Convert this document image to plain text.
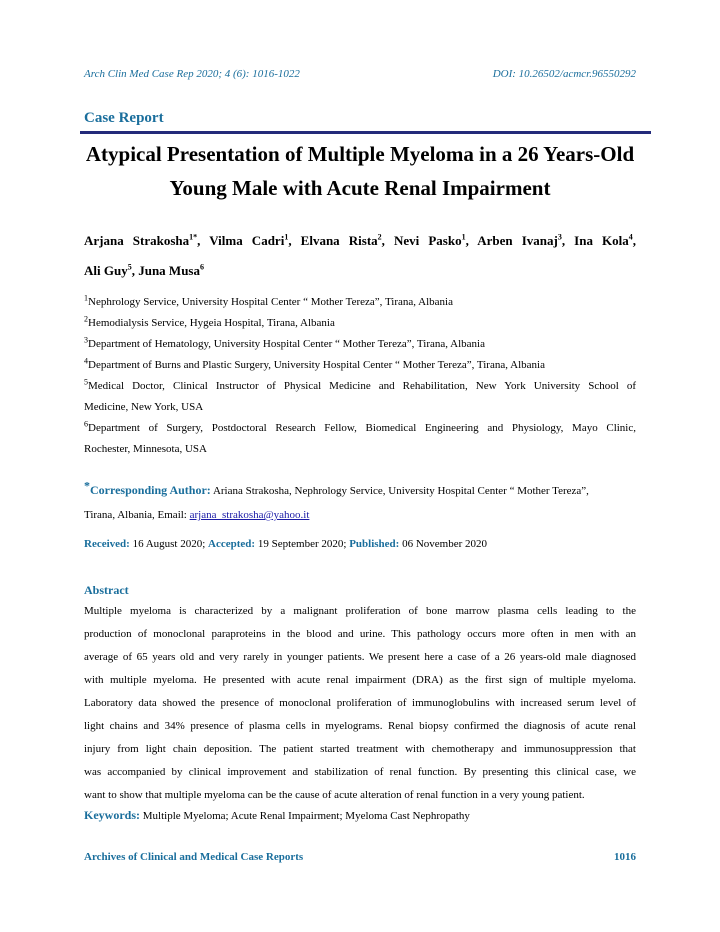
Arch Clin Med Case Rep 2020; 4 (6): 1016-1022	DOI: 10.26502/acmcr.96550292
Case Report
Atypical Presentation of Multiple Myeloma in a 26 Years-Old
Young Male with Acute Renal Impairment
Arjana Strakosha$^{1*}$, Vilma Cadri$^1$, Elvana Rista$^2$, Nevi Pasko$^1$, Arben Ivanaj$^3$, Ina Kola$^4$,
Ali Guy$^5$, Juna Musa$^6$
$^1$Nephrology Service, University Hospital Center “ Mother Tereza”, Tirana, Albania
$^2$Hemodialysis Service, Hygeia Hospital, Tirana, Albania
$^3$Department of Hematology, University Hospital Center “ Mother Tereza”, Tirana, Albania
$^4$Department of Burns and Plastic Surgery, University Hospital Center “ Mother Tereza”, Tirana, Albania
$^5$Medical Doctor, Clinical Instructor of Physical Medicine and Rehabilitation, New York University School of
Medicine, New York, USA
$^6$Department of Surgery, Postdoctoral Research Fellow, Biomedical Engineering and Physiology, Mayo Clinic,
Rochester, Minnesota, USA
*Corresponding Author: Ariana Strakosha, Nephrology Service, University Hospital Center “ Mother Tereza”,
Tirana, Albania, Email: arjana_strakosha@yahoo.it
Received: 16 August 2020; Accepted: 19 September 2020; Published: 06 November 2020
Abstract
Multiple myeloma is characterized by a malignant proliferation of bone marrow plasma cells leading to the
production of monoclonal paraproteins in the blood and urine. This pathology occurs more often in men with an
average of 65 years old and very rarely in younger patients. We present here a case of a 26 years-old male diagnosed
with multiple myeloma. He presented with acute renal impairment (DRA) as the first sign of multiple myeloma.
Laboratory data showed the presence of monoclonal proliferation of immunoglobulins with increased serum level of
light chains and 34% presence of plasma cells in myelograms. Renal biopsy confirmed the diagnosis of acute renal
injury from light chain deposition. The patient started treatment with chemotherapy and immunosuppression that
was accompanied by clinical improvement and stabilization of renal function. By presenting this clinical case, we
want to show that multiple myeloma can be the cause of acute alteration of renal function in a very young patient.
Keywords: Multiple Myeloma; Acute Renal Impairment; Myeloma Cast Nephropathy
Archives of Clinical and Medical Case Reports	1016
